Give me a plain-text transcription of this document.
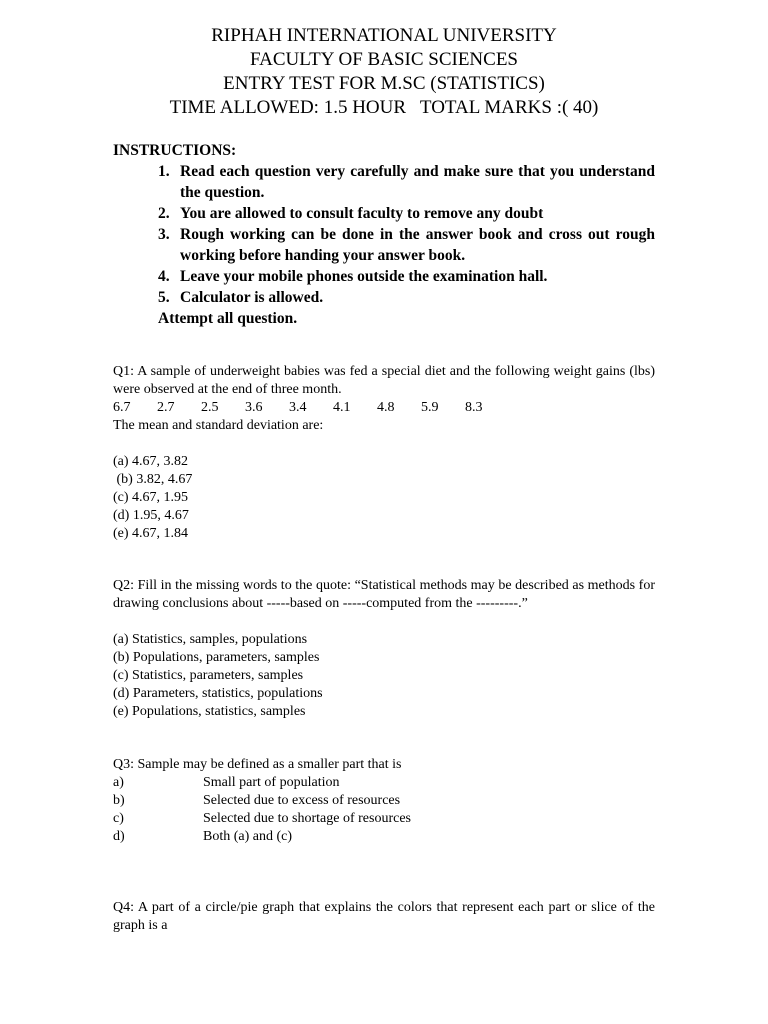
RIPHAH INTERNATIONAL UNIVERSITY
FACULTY OF BASIC SCIENCES
ENTRY TEST FOR M.SC (STATISTICS)
TIME ALLOWED: 1.5 HOUR   TOTAL MARKS :( 40)
INSTRUCTIONS:
1. Read each question very carefully and make sure that you understand the question.
2. You are allowed to consult faculty to remove any doubt
3. Rough working can be done in the answer book and cross out rough working before handing your answer book.
4. Leave your mobile phones outside the examination hall.
5. Calculator is allowed.
Attempt all question.
Q1: A sample of underweight babies was fed a special diet and the following weight gains (lbs) were observed at the end of three month.
6.7 2.7 2.5 3.6 3.4 4.1 4.8 5.9 8.3
The mean and standard deviation are:
(a) 4.67, 3.82
(b) 3.82, 4.67
(c) 4.67, 1.95
(d) 1.95, 4.67
(e) 4.67, 1.84
Q2: Fill in the missing words to the quote: “Statistical methods may be described as methods for drawing conclusions about -----based on -----computed from the ---------.”
(a) Statistics, samples, populations
(b) Populations, parameters, samples
(c) Statistics, parameters, samples
(d) Parameters, statistics, populations
(e) Populations, statistics, samples
Q3: Sample may be defined as a smaller part that is
a)	Small part of population
b)	Selected due to excess of resources
c)	Selected due to shortage of resources
d)	Both (a) and (c)
Q4: A part of a circle/pie graph that explains the colors that represent each part or slice of the graph is a
